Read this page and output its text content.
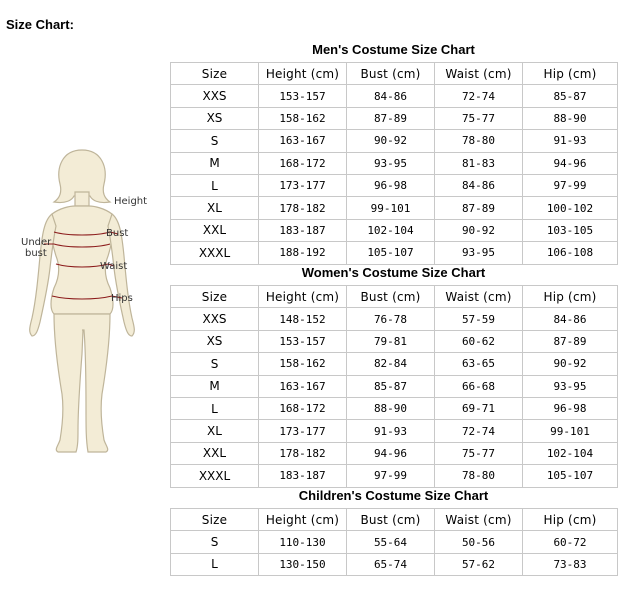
Size Chart:
Height
Bust
Under
bust
Waist
Hips
Men's Costume Size Chart
Size	Height (cm)	Bust (cm)	Waist (cm)	Hip (cm)
XXS	153-157	84-86	72-74	85-87
XS	158-162	87-89	75-77	88-90
S	163-167	90-92	78-80	91-93
M	168-172	93-95	81-83	94-96
L	173-177	96-98	84-86	97-99
XL	178-182	99-101	87-89	100-102
XXL	183-187	102-104	90-92	103-105
XXXL	188-192	105-107	93-95	106-108
Women's Costume Size Chart
Size	Height (cm)	Bust (cm)	Waist (cm)	Hip (cm)
XXS	148-152	76-78	57-59	84-86
XS	153-157	79-81	60-62	87-89
S	158-162	82-84	63-65	90-92
M	163-167	85-87	66-68	93-95
L	168-172	88-90	69-71	96-98
XL	173-177	91-93	72-74	99-101
XXL	178-182	94-96	75-77	102-104
XXXL	183-187	97-99	78-80	105-107
Children's Costume Size Chart
Size	Height (cm)	Bust (cm)	Waist (cm)	Hip (cm)
S	110-130	55-64	50-56	60-72
L	130-150	65-74	57-62	73-83
